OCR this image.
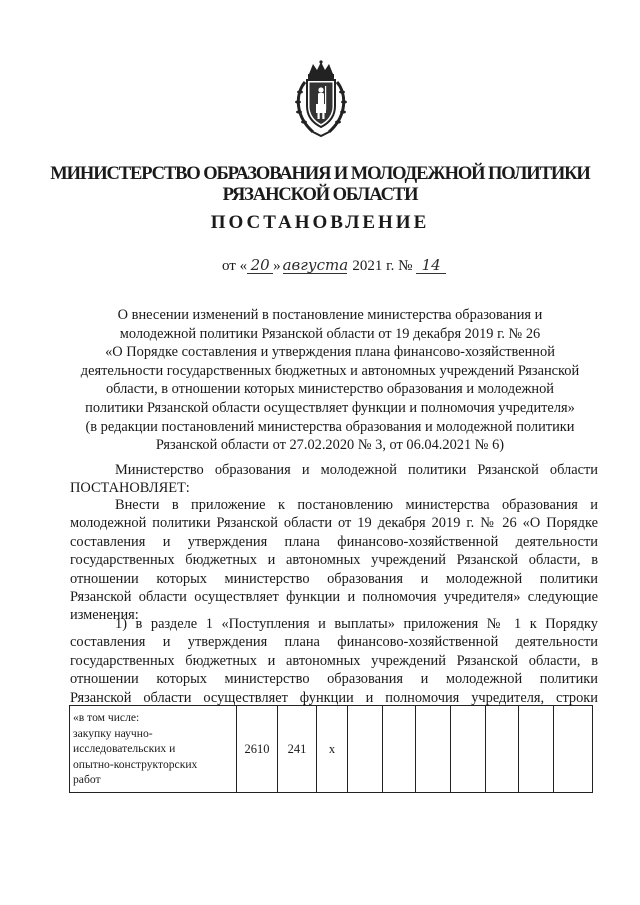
МИНИСТЕРСТВО ОБРАЗОВАНИЯ И МОЛОДЕЖНОЙ ПОЛИТИКИ
РЯЗАНСКОЙ ОБЛАСТИ
ПОСТАНОВЛЕНИЕ
от « 20 » августа 2021 г. № 14
О внесении изменений в постановление министерства образования и
молодежной политики Рязанской области от 19 декабря 2019 г. № 26
«О Порядке составления и утверждения плана финансово-хозяйственной
деятельности государственных бюджетных и автономных учреждений Рязанской
области, в отношении которых министерство образования и молодежной
политики Рязанской области осуществляет функции и полномочия учредителя»
(в редакции постановлений министерства образования и молодежной политики
Рязанской области от 27.02.2020 № 3, от 06.04.2021 № 6)
Министерство образования и молодежной политики Рязанской области
ПОСТАНОВЛЯЕТ:
Внести в приложение к постановлению министерства образования и
молодежной политики Рязанской области от 19 декабря 2019 г. № 26 «О Порядке
составления и утверждения плана финансово-хозяйственной деятельности
государственных бюджетных и автономных учреждений Рязанской области, в
отношении которых министерство образования и молодежной политики
Рязанской области осуществляет функции и полномочия учредителя» следующие
изменения:
1) в разделе 1 «Поступления и выплаты» приложения № 1 к Порядку
составления и утверждения плана финансово-хозяйственной деятельности
государственных бюджетных и автономных учреждений Рязанской области, в
отношении которых министерство образования и молодежной политики
Рязанской области осуществляет функции и полномочия учредителя, строки
«в том числе:
закупку научно-
исследовательских и
опытно-конструкторских
работ
	2610	241	х							
